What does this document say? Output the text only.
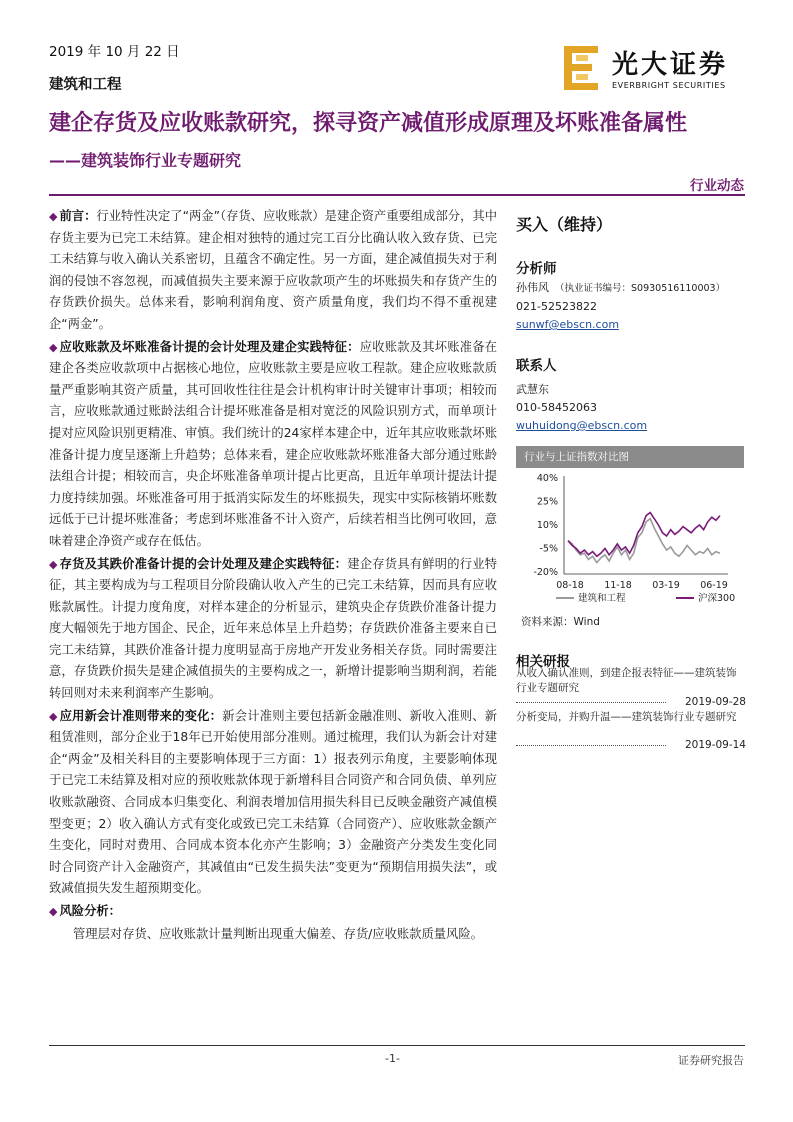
2019 年 10 月 22 日
建筑和工程
光大证券
EVERBRIGHT SECURITIES
建企存货及应收账款研究，探寻资产减值形成原理及坏账准备属性
——建筑装饰行业专题研究
行业动态

◆ 前言：行业特性决定了“两金”（存货、应收账款）是建企资产重要组成部分，其中存货主要为已完工未结算。建企相对独特的通过完工百分比确认收入致存货、已完工未结算与收入确认关系密切，且蕴含不确定性。另一方面，建企减值损失对于利润的侵蚀不容忽视，而减值损失主要来源于应收款项产生的坏账损失和存货产生的存货跌价损失。总体来看，影响利润角度、资产质量角度，我们均不得不重视建企“两金”。

◆ 应收账款及坏账准备计提的会计处理及建企实践特征：应收账款及其坏账准备在建企各类应收款项中占据核心地位，应收账款主要是应收工程款。建企应收账款质量严重影响其资产质量，其可回收性往往是会计机构审计时关键审计事项；相较而言，应收账款通过账龄法组合计提坏账准备是相对宽泛的风险识别方式，而单项计提对应风险识别更精准、审慎。我们统计的24家样本建企中，近年其应收账款坏账准备计提力度呈逐渐上升趋势；总体来看，建企应收账款坏账准备大部分通过账龄法组合计提；相较而言，央企坏账准备单项计提占比更高，且近年单项计提法计提力度持续加强。坏账准备可用于抵消实际发生的坏账损失，现实中实际核销坏账数远低于已计提坏账准备；考虑到坏账准备不计入资产，后续若相当比例可收回，意味着建企净资产或存在低估。

◆ 存货及其跌价准备计提的会计处理及建企实践特征：建企存货具有鲜明的行业特征，其主要构成为与工程项目分阶段确认收入产生的已完工未结算，因而具有应收账款属性。计提力度角度，对样本建企的分析显示，建筑央企存货跌价准备计提力度大幅领先于地方国企、民企，近年来总体呈上升趋势；存货跌价准备主要来自已完工未结算，其跌价准备计提力度明显高于房地产开发业务相关存货。同时需要注意，存货跌价损失是建企减值损失的主要构成之一，新增计提影响当期利润，若能转回则对未来利润率产生影响。

◆ 应用新会计准则带来的变化：新会计准则主要包括新金融准则、新收入准则、新租赁准则，部分企业于18年已开始使用部分准则。通过梳理，我们认为新会计对建企“两金”及相关科目的主要影响体现于三方面：1）报表列示角度，主要影响体现于已完工未结算及相对应的预收账款体现于新增科目合同资产和合同负债、单列应收账款融资、合同成本归集变化、利润表增加信用损失科目已反映金融资产减值模型变更；2）收入确认方式有变化或致已完工未结算（合同资产）、应收账款金额产生变化，同时对费用、合同成本资本化亦产生影响；3）金融资产分类发生变化同时合同资产计入金融资产，其减值由“已发生损失法”变更为“预期信用损失法”，或致减值损失发生超预期变化。

◆ 风险分析：

管理层对存货、应收账款计量判断出现重大偏差、存货/应收账款质量风险。

买入（维持）
分析师
孙伟风 （执业证书编号：S0930516110003）
021-52523822
sunwf@ebscn.com
联系人
武慧东
010-58452063
wuhuidong@ebscn.com
行业与上证指数对比图
40%
25%
10%
-5%
-20%
08-18 11-18 03-19 06-19
建筑和工程	沪深300
资料来源：Wind
相关研报
从收入确认准则，到建企报表特征——建筑装饰行业专题研究
2019-09-28
分析变局，并购升温——建筑装饰行业专题研究
2019-09-14
-1-	证券研究报告
